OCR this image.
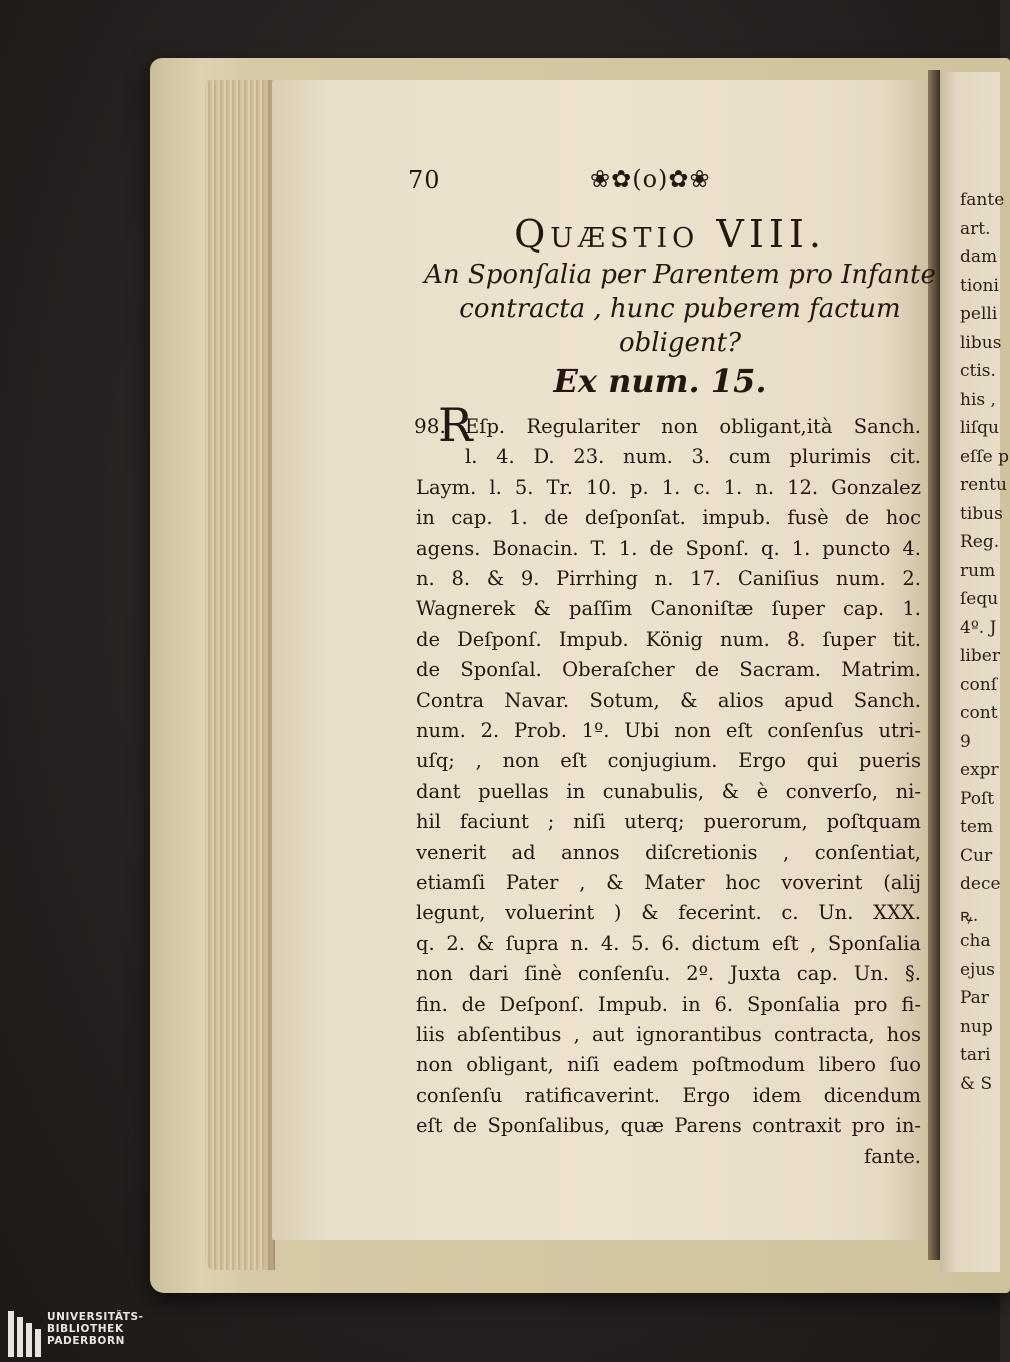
fante
art.
dam
tioni
pelli
libus
ctis.
his ,
liſqu
eſſe p
rentu
tibus
Reg.
rum
ſequ
4º. J
liber
conſ
cont
9
expr
Poſt
tem
Cur
dece
ꝶ.
cha
ejus
Par
nup
tari
& S
70	❀✿(o)✿❀
Quæstio VIII.
An Sponſalia per Parentem pro Infante
contracta , hunc puberem factum
obligent?
Ex num. 15.
98.
R
Eſp. Regulariter non obligant,ità Sanch.
l. 4. D. 23. num. 3. cum plurimis cit.
Laym. l. 5. Tr. 10. p. 1. c. 1. n. 12. Gonzalez
in cap. 1. de deſponſat. impub. fusè de hoc
agens. Bonacin. T. 1. de Sponſ. q. 1. puncto 4.
n. 8. & 9. Pirrhing n. 17. Caniſius num. 2.
Wagnerek & paſſim Canoniſtæ ſuper cap. 1.
de Deſponſ. Impub. König num. 8. ſuper tit.
de Sponſal. Oberaſcher de Sacram. Matrim.
Contra Navar. Sotum, & alios apud Sanch.
num. 2. Prob. 1º. Ubi non eſt conſenſus utri-
uſq; , non eſt conjugium. Ergo qui pueris
dant puellas in cunabulis, & è converſo, ni-
hil faciunt ; niſi uterq; puerorum, poſtquam
venerit ad annos diſcretionis , conſentiat,
etiamſi Pater , & Mater hoc voverint (alij
legunt, voluerint ) & fecerint. c. Un. XXX.
q. 2. & ſupra n. 4. 5. 6. dictum eſt , Sponſalia
non dari ſinè conſenſu. 2º. Juxta cap. Un. §.
fin. de Deſponſ. Impub. in 6. Sponſalia pro fi-
liis abſentibus , aut ignorantibus contracta, hos
non obligant, niſi eadem poſtmodum libero ſuo
conſenſu ratificaverint. Ergo idem dicendum
eſt de Sponſalibus, quæ Parens contraxit pro in-
fante.
UNIVERSITÄTS-
BIBLIOTHEK
PADERBORN
